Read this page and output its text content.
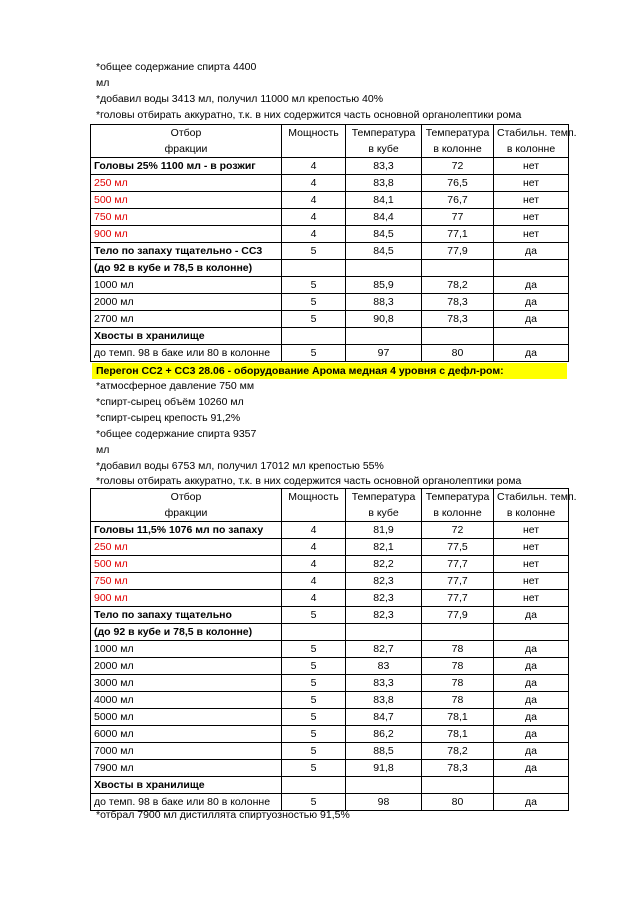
*общее содержание спирта 4400
мл
*добавил воды 3413 мл, получил 11000 мл крепостью 40%
*головы отбирать аккуратно, т.к. в них содержится часть основной органолептики рома
Отбор	Мощность	Температура	Температура	Стабильн. темп.
фракции		в кубе	в колонне	в колонне
Головы 25% 1100 мл - в розжиг	4	83,3	72	нет
250 мл	4	83,8	76,5	нет
500 мл	4	84,1	76,7	нет
750 мл	4	84,4	77	нет
900 мл	4	84,5	77,1	нет
Тело по запаху тщательно - СС3	5	84,5	77,9	да
(до 92 в кубе и 78,5 в колонне)				
1000 мл	5	85,9	78,2	да
2000 мл	5	88,3	78,3	да
2700 мл	5	90,8	78,3	да
Хвосты в хранилище				
до темп. 98 в баке или 80 в колонне	5	97	80	да
Перегон СС2 + СС3 28.06 - оборудование Арома медная 4 уровня с дефл-ром:
*атмосферное давление 750 мм
*спирт-сырец объём 10260 мл
*спирт-сырец крепость 91,2%
*общее содержание спирта 9357
мл
*добавил воды 6753 мл, получил 17012 мл крепостью 55%
*головы отбирать аккуратно, т.к. в них содержится часть основной органолептики рома
Отбор	Мощность	Температура	Температура	Стабильн. темп.
фракции		в кубе	в колонне	в колонне
Головы 11,5% 1076 мл по запаху	4	81,9	72	нет
250 мл	4	82,1	77,5	нет
500 мл	4	82,2	77,7	нет
750 мл	4	82,3	77,7	нет
900 мл	4	82,3	77,7	нет
Тело по запаху тщательно	5	82,3	77,9	да
(до 92 в кубе и 78,5 в колонне)				
1000 мл	5	82,7	78	да
2000 мл	5	83	78	да
3000 мл	5	83,3	78	да
4000 мл	5	83,8	78	да
5000 мл	5	84,7	78,1	да
6000 мл	5	86,2	78,1	да
7000 мл	5	88,5	78,2	да
7900 мл	5	91,8	78,3	да
Хвосты в хранилище				
до темп. 98 в баке или 80 в колонне	5	98	80	да
*отбрал 7900 мл дистиллята спиртуозностью 91,5%
